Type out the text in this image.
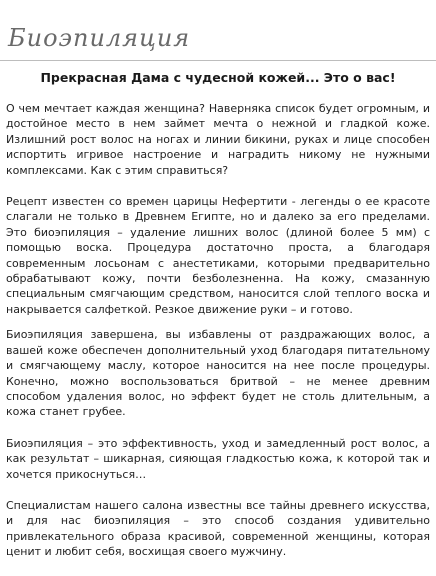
Биоэпиляция
Прекрасная Дама с чудесной кожей... Это о вас!

О чем мечтает каждая женщина? Наверняка список будет огромным, и достойное место в нем займет мечта о нежной и гладкой коже. Излишний рост волос на ногах и линии бикини, руках и лице способен испортить игривое настроение и наградить никому не нужными комплексами. Как с этим справиться?

Рецепт известен со времен царицы Нефертити - легенды о ее красоте слагали не только в Древнем Египте, но и далеко за его пределами. Это биоэпиляция – удаление лишних волос (длиной более 5 мм) с помощью воска. Процедура достаточно проста, а благодаря современным лосьонам с анестетиками, которыми предварительно обрабатывают кожу, почти безболезненна. На кожу, смазанную специальным смягчающим средством, наносится слой теплого воска и накрывается салфеткой. Резкое движение руки – и готово.

Биоэпиляция завершена, вы избавлены от раздражающих волос, а вашей коже обеспечен дополнительный уход благодаря питательному и смягчающему маслу, которое наносится на нее после процедуры. Конечно, можно воспользоваться бритвой – не менее древним способом удаления волос, но эффект будет не столь длительным, а кожа станет грубее.

Биоэпиляция – это эффективность, уход и замедленный рост волос, а как результат – шикарная, сияющая гладкостью кожа, к которой так и хочется прикоснуться…

Специалистам нашего салона известны все тайны древнего искусства, и для нас биоэпиляция – это способ создания удивительно привлекательного образа красивой, современной женщины, которая ценит и любит себя, восхищая своего мужчину.
